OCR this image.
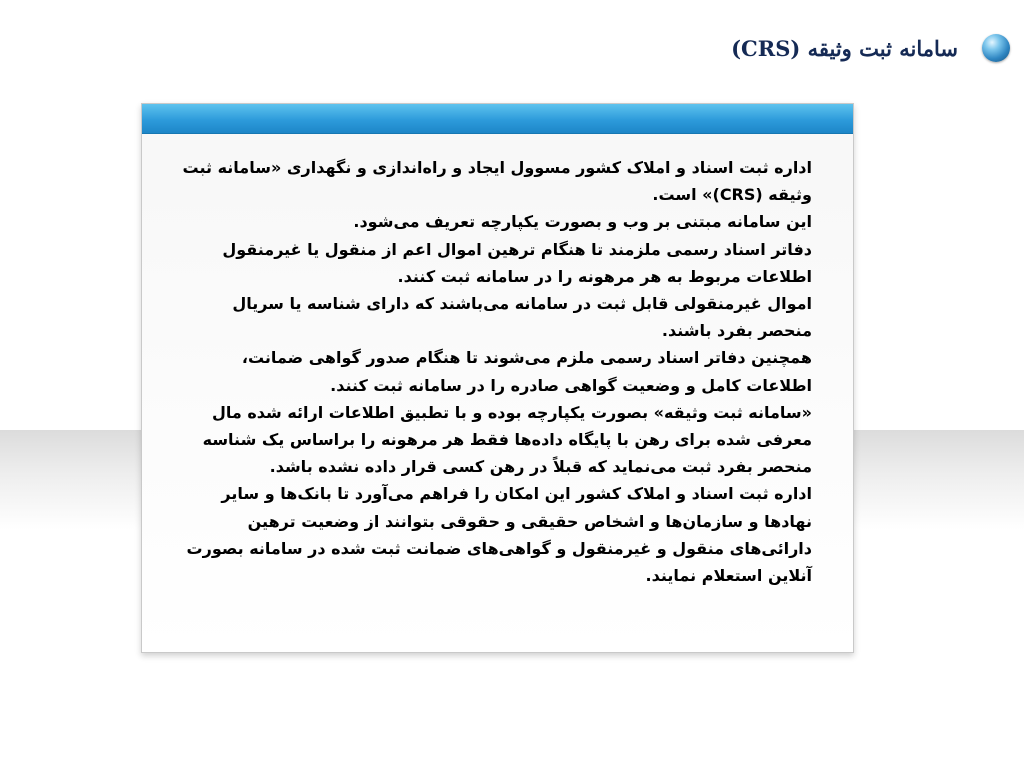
سامانه ثبت وثیقه (CRS)

اداره ثبت اسناد و املاک کشور مسوول ایجاد و راه‌اندازی و نگهداری «سامانه ثبت وثیقه (CRS)» است.

این سامانه مبتنی بر وب و بصورت یکپارچه تعریف می‌شود.

دفاتر اسناد رسمی ملزمند تا هنگام ترهین اموال اعم از منقول یا غیرمنقول اطلاعات مربوط به هر مرهونه را در سامانه ثبت کنند.

اموال غیرمنقولی قابل ثبت در سامانه می‌باشند که دارای شناسه یا سریال منحصر بفرد باشند.

همچنین دفاتر اسناد رسمی ملزم می‌شوند تا هنگام صدور گواهی ضمانت، اطلاعات کامل و وضعیت گواهی صادره را در سامانه ثبت کنند.

«سامانه ثبت وثیقه» بصورت یکپارچه بوده و با تطبیق اطلاعات ارائه شده مال معرفی شده برای رهن با پایگاه داده‌ها فقط هر مرهونه را براساس یک شناسه منحصر بفرد ثبت می‌نماید که قبلاً در رهن کسی قرار داده نشده باشد.

اداره ثبت اسناد و املاک کشور این امکان را فراهم می‌آورد تا بانک‌ها و سایر نهادها و سازمان‌ها و اشخاص حقیقی و حقوقی بتوانند از وضعیت ترهین دارائی‌های منقول و غیرمنقول و گواهی‌های ضمانت ثبت شده در سامانه بصورت آنلاین استعلام نمایند.
